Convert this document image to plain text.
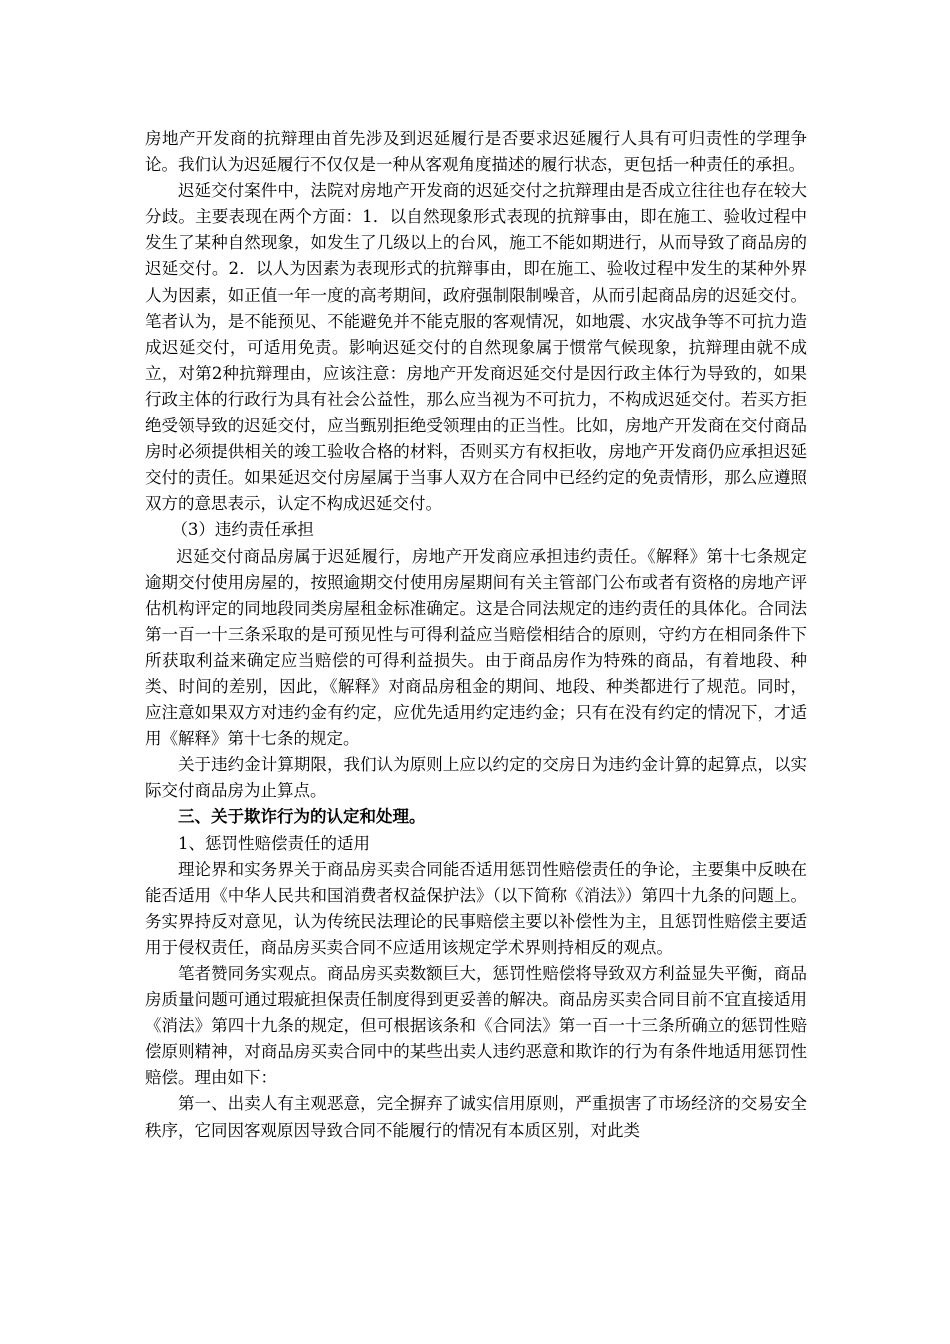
房地产开发商的抗辩理由首先涉及到迟延履行是否要求迟延履行人具有可归责性的学理争论。我们认为迟延履行不仅仅是一种从客观角度描述的履行状态，更包括一种责任的承担。

迟延交付案件中，法院对房地产开发商的迟延交付之抗辩理由是否成立往往也存在较大分歧。主要表现在两个方面：1．以自然现象形式表现的抗辩事由，即在施工、验收过程中发生了某种自然现象，如发生了几级以上的台风，施工不能如期进行，从而导致了商品房的迟延交付。2．以人为因素为表现形式的抗辩事由，即在施工、验收过程中发生的某种外界人为因素，如正值一年一度的高考期间，政府强制限制噪音，从而引起商品房的迟延交付。笔者认为，是不能预见、不能避免并不能克服的客观情况，如地震、水灾战争等不可抗力造成迟延交付，可适用免责。影响迟延交付的自然现象属于惯常气候现象，抗辩理由就不成立，对第2种抗辩理由，应该注意：房地产开发商迟延交付是因行政主体行为导致的，如果行政主体的行政行为具有社会公益性，那么应当视为不可抗力，不构成迟延交付。若买方拒绝受领导致的迟延交付，应当甄别拒绝受领理由的正当性。比如，房地产开发商在交付商品房时必须提供相关的竣工验收合格的材料，否则买方有权拒收，房地产开发商仍应承担迟延交付的责任。如果延迟交付房屋属于当事人双方在合同中已经约定的免责情形，那么应遵照双方的意思表示，认定不构成迟延交付。

（3）违约责任承担

迟延交付商品房属于迟延履行，房地产开发商应承担违约责任。《解释》第十七条规定逾期交付使用房屋的，按照逾期交付使用房屋期间有关主管部门公布或者有资格的房地产评估机构评定的同地段同类房屋租金标准确定。这是合同法规定的违约责任的具体化。合同法第一百一十三条采取的是可预见性与可得利益应当赔偿相结合的原则，守约方在相同条件下所获取利益来确定应当赔偿的可得利益损失。由于商品房作为特殊的商品，有着地段、种类、时间的差别，因此，《解释》对商品房租金的期间、地段、种类都进行了规范。同时，应注意如果双方对违约金有约定，应优先适用约定违约金；只有在没有约定的情况下，才适用《解释》第十七条的规定。

关于违约金计算期限，我们认为原则上应以约定的交房日为违约金计算的起算点，以实际交付商品房为止算点。

三、关于欺诈行为的认定和处理。

1、惩罚性赔偿责任的适用

理论界和实务界关于商品房买卖合同能否适用惩罚性赔偿责任的争论，主要集中反映在能否适用《中华人民共和国消费者权益保护法》（以下简称《消法》）第四十九条的问题上。务实界持反对意见，认为传统民法理论的民事赔偿主要以补偿性为主，且惩罚性赔偿主要适用于侵权责任，商品房买卖合同不应适用该规定学术界则持相反的观点。

笔者赞同务实观点。商品房买卖数额巨大，惩罚性赔偿将导致双方利益显失平衡，商品房质量问题可通过瑕疵担保责任制度得到更妥善的解决。商品房买卖合同目前不宜直接适用《消法》第四十九条的规定，但可根据该条和《合同法》第一百一十三条所确立的惩罚性赔偿原则精神，对商品房买卖合同中的某些出卖人违约恶意和欺诈的行为有条件地适用惩罚性赔偿。理由如下：

第一、出卖人有主观恶意，完全摒弃了诚实信用原则，严重损害了市场经济的交易安全秩序，它同因客观原因导致合同不能履行的情况有本质区别，对此类
